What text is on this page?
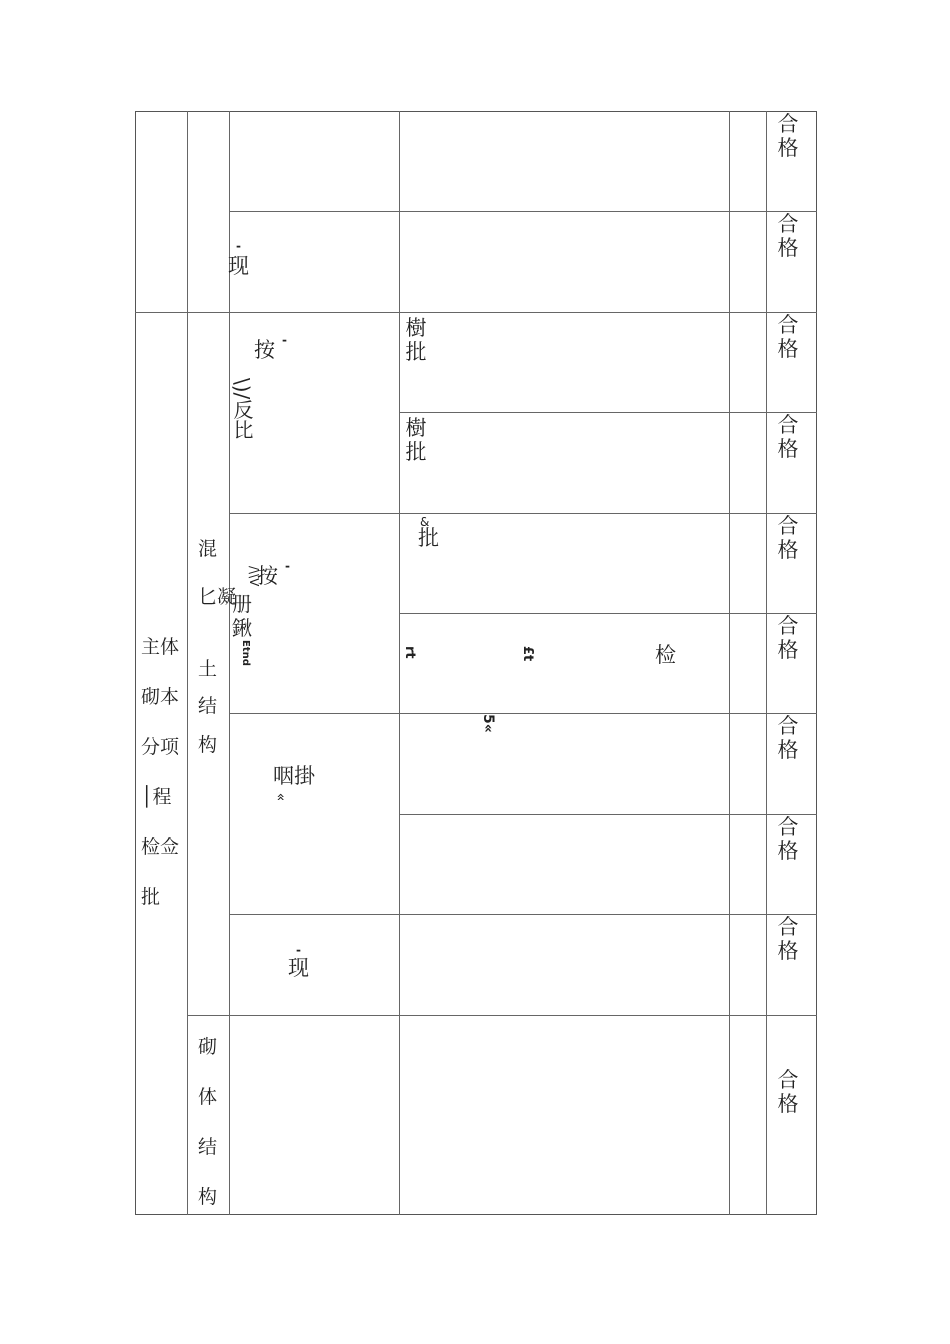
合格
合格
合格
合格
合格
合格
合格
合格
合格
合格
主体
砌本
分项
│程
检佥
批
混
匕凝
土
结
构
砌
体
结
构
-
现
按 -
\)/反比
按 -
/\\V
册
鍬
Etnd
咽掛
«
-
现
樹
批
樹
批
&
批
rt	£t	检
5«
